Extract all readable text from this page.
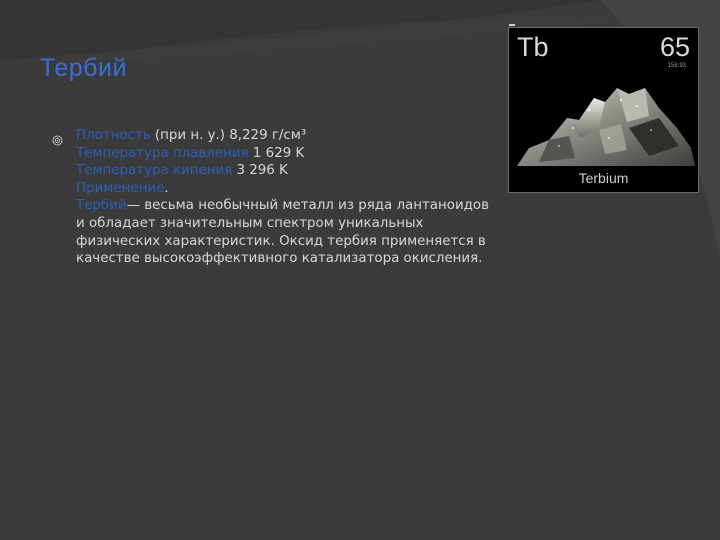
Тербий
Плотность (при н. у.) 8,229 г/см³
Температура плавления 1 629 K
Температура кипения 3 296 K
Применение.
Тербий— весьма необычный металл из ряда лантаноидов
и обладает значительным спектром уникальных
физических характеристик. Оксид тербия применяется в
качестве высокоэффективного катализатора окисления.
Tb	65
158.93
Terbium
